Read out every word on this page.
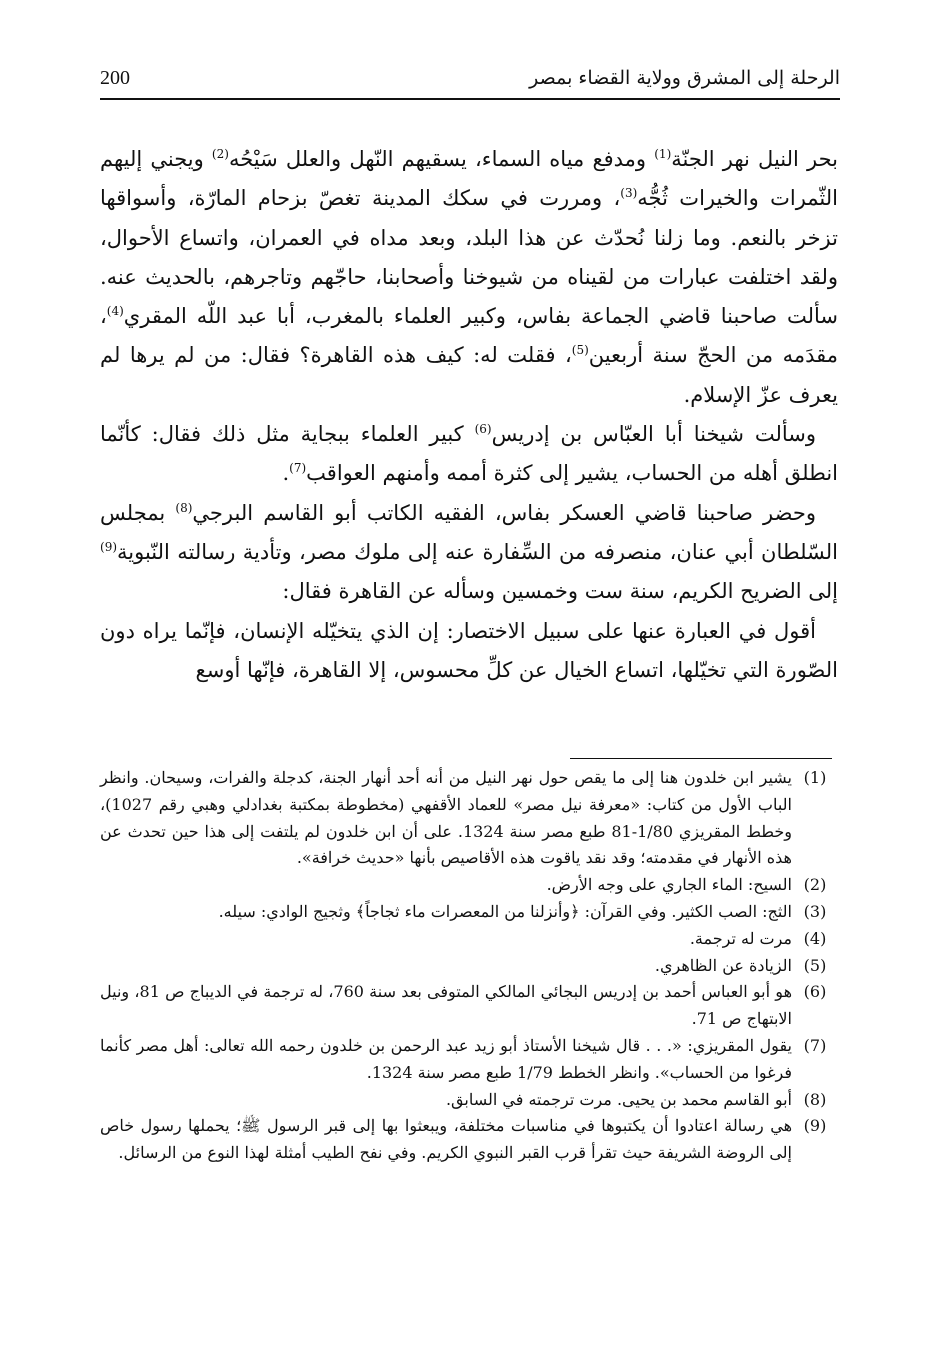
الرحلة إلى المشرق وولاية القضاء بمصر
200

بحر النيل نهر الجنّة$^{(1)}$ ومدفع مياه السماء، يسقيهم النّهل والعلل سَيْحُه$^{(2)}$ ويجني إليهم الثّمرات والخيرات ثُجُّه$^{(3)}$، ومررت في سكك المدينة تغصّ بزحام المارّة، وأسواقها تزخر بالنعم. وما زلنا نُحدّث عن هذا البلد، وبعد مداه في العمران، واتساع الأحوال، ولقد اختلفت عبارات من لقيناه من شيوخنا وأصحابنا، حاجّهم وتاجرهم، بالحديث عنه. سألت صاحبنا قاضي الجماعة بفاس، وكبير العلماء بالمغرب، أبا عبد اللّه المقري$^{(4)}$، مقدَمه من الحجّ سنة أربعين$^{(5)}$، فقلت له: كيف هذه القاهرة؟ فقال: من لم يرها لم يعرف عزّ الإسلام.

وسألت شيخنا أبا العبّاس بن إدريس$^{(6)}$ كبير العلماء ببجاية مثل ذلك فقال: كأنّما انطلق أهله من الحساب، يشير إلى كثرة أممه وأمنهم العواقب$^{(7)}$.

وحضر صاحبنا قاضي العسكر بفاس، الفقيه الكاتب أبو القاسم البرجي$^{(8)}$ بمجلس السّلطان أبي عنان، منصرفه من السِّفارة عنه إلى ملوك مصر، وتأدية رسالته النّبوية$^{(9)}$ إلى الضريح الكريم، سنة ست وخمسين وسأله عن القاهرة فقال:

أقول في العبارة عنها على سبيل الاختصار: إن الذي يتخيّله الإنسان، فإنّما يراه دون الصّورة التي تخيّلها، اتساع الخيال عن كلِّ محسوس، إلا القاهرة، فإنّها أوسع

(1)
يشير ابن خلدون هنا إلى ما يقص حول نهر النيل من أنه أحد أنهار الجنة، كدجلة والفرات، وسيحان. وانظر الباب الأول من كتاب: «معرفة نيل مصر» للعماد الأقفهي (مخطوطة بمكتبة بغدادلي وهبي رقم 1027)، وخطط المقريزي 1/80-81 طبع مصر سنة 1324. على أن ابن خلدون لم يلتفت إلى هذا حين تحدث عن هذه الأنهار في مقدمته؛ وقد نقد ياقوت هذه الأقاصيص بأنها «حديث خرافة».
(2)
السيح: الماء الجاري على وجه الأرض.
(3)
الثج: الصب الكثير. وفي القرآن: ﴿وأنزلنا من المعصرات ماء ثجاجاً﴾ وثجيج الوادي: سيله.
(4)
مرت له ترجمة.
(5)
الزيادة عن الظاهري.
(6)
هو أبو العباس أحمد بن إدريس البجائي المالكي المتوفى بعد سنة 760، له ترجمة في الديباج ص 81، ونيل الابتهاج ص 71.
(7)
يقول المقريزي: «. . . قال شيخنا الأستاذ أبو زيد عبد الرحمن بن خلدون رحمه الله تعالى: أهل مصر كأنما فرغوا من الحساب». وانظر الخطط 1/79 طبع مصر سنة 1324.
(8)
أبو القاسم محمد بن يحيى. مرت ترجمته في السابق.
(9)
هي رسالة اعتادوا أن يكتبوها في مناسبات مختلفة، ويبعثوا بها إلى قبر الرسول ﷺ؛ يحملها رسول خاص إلى الروضة الشريفة حيث تقرأ قرب القبر النبوي الكريم. وفي نفح الطيب أمثلة لهذا النوع من الرسائل.
